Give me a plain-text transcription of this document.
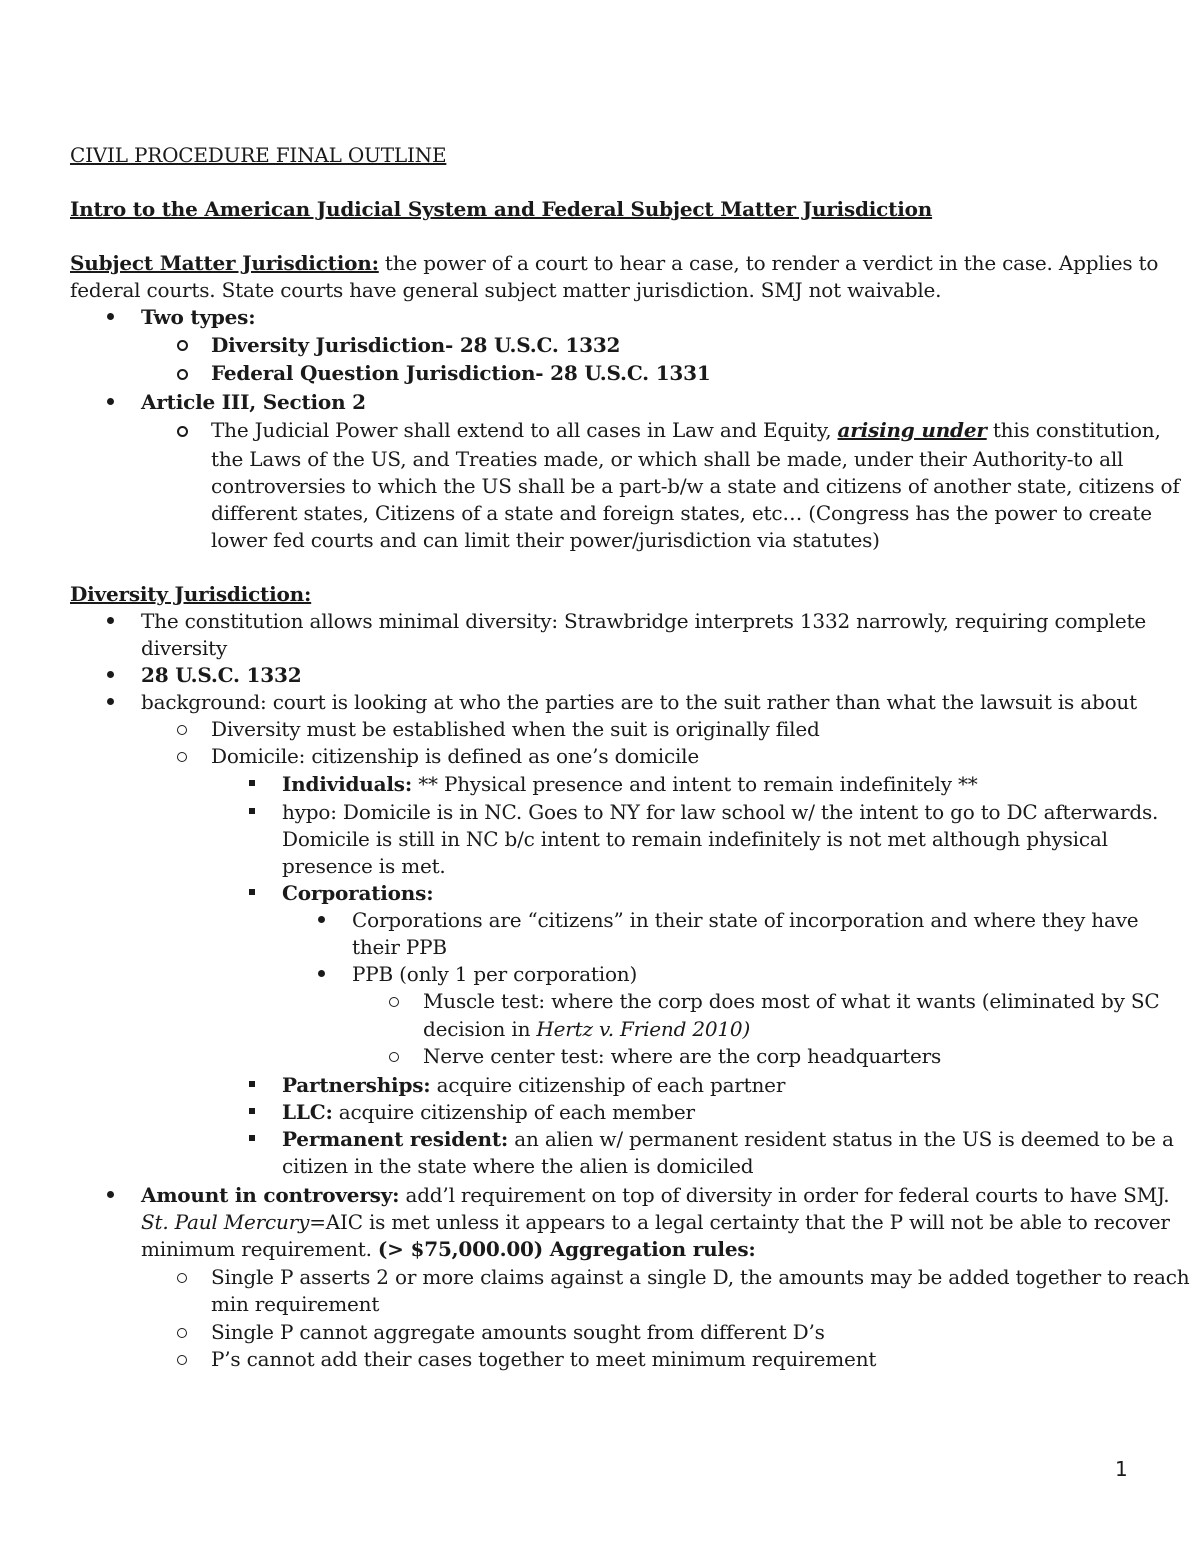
CIVIL PROCEDURE FINAL OUTLINE
Intro to the American Judicial System and Federal Subject Matter Jurisdiction
Subject Matter Jurisdiction: the power of a court to hear a case, to render a verdict in the case. Applies to
federal courts. State courts have general subject matter jurisdiction. SMJ not waivable.
Two types:
Diversity Jurisdiction- 28 U.S.C. 1332
Federal Question Jurisdiction- 28 U.S.C. 1331
Article III, Section 2
The Judicial Power shall extend to all cases in Law and Equity, arising under this constitution,
the Laws of the US, and Treaties made, or which shall be made, under their Authority-to all
controversies to which the US shall be a part-b/w a state and citizens of another state, citizens of
different states, Citizens of a state and foreign states, etc… (Congress has the power to create
lower fed courts and can limit their power/jurisdiction via statutes)
Diversity Jurisdiction:
The constitution allows minimal diversity: Strawbridge interprets 1332 narrowly, requiring complete
diversity
28 U.S.C. 1332
background: court is looking at who the parties are to the suit rather than what the lawsuit is about
Diversity must be established when the suit is originally filed
Domicile: citizenship is defined as one’s domicile
Individuals: ** Physical presence and intent to remain indefinitely **
hypo: Domicile is in NC. Goes to NY for law school w/ the intent to go to DC afterwards.
Domicile is still in NC b/c intent to remain indefinitely is not met although physical
presence is met.
Corporations:
Corporations are “citizens” in their state of incorporation and where they have
their PPB
PPB (only 1 per corporation)
Muscle test: where the corp does most of what it wants (eliminated by SC
decision in Hertz v. Friend 2010)
Nerve center test: where are the corp headquarters
Partnerships: acquire citizenship of each partner
LLC: acquire citizenship of each member
Permanent resident: an alien w/ permanent resident status in the US is deemed to be a
citizen in the state where the alien is domiciled
Amount in controversy: add’l requirement on top of diversity in order for federal courts to have SMJ.
St. Paul Mercury=AIC is met unless it appears to a legal certainty that the P will not be able to recover
minimum requirement. (> $75,000.00) Aggregation rules:
Single P asserts 2 or more claims against a single D, the amounts may be added together to reach
min requirement
Single P cannot aggregate amounts sought from different D’s
P’s cannot add their cases together to meet minimum requirement
1
